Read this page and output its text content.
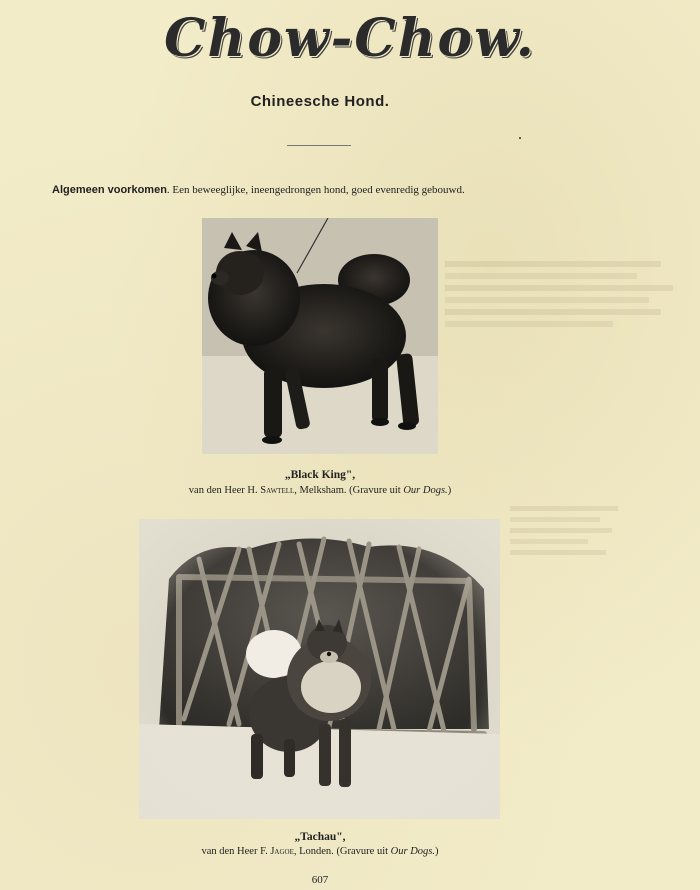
Chow-Chow.
Chineesche Hond.
Algemeen voorkomen. Een beweeglijke, ineengedrongen hond, goed evenredig gebouwd.
„Black King",
van den Heer H. Sawtell, Melksham. (Gravure uit Our Dogs.)
„Tachau",
van den Heer F. Jagoe, Londen. (Gravure uit Our Dogs.)
607
